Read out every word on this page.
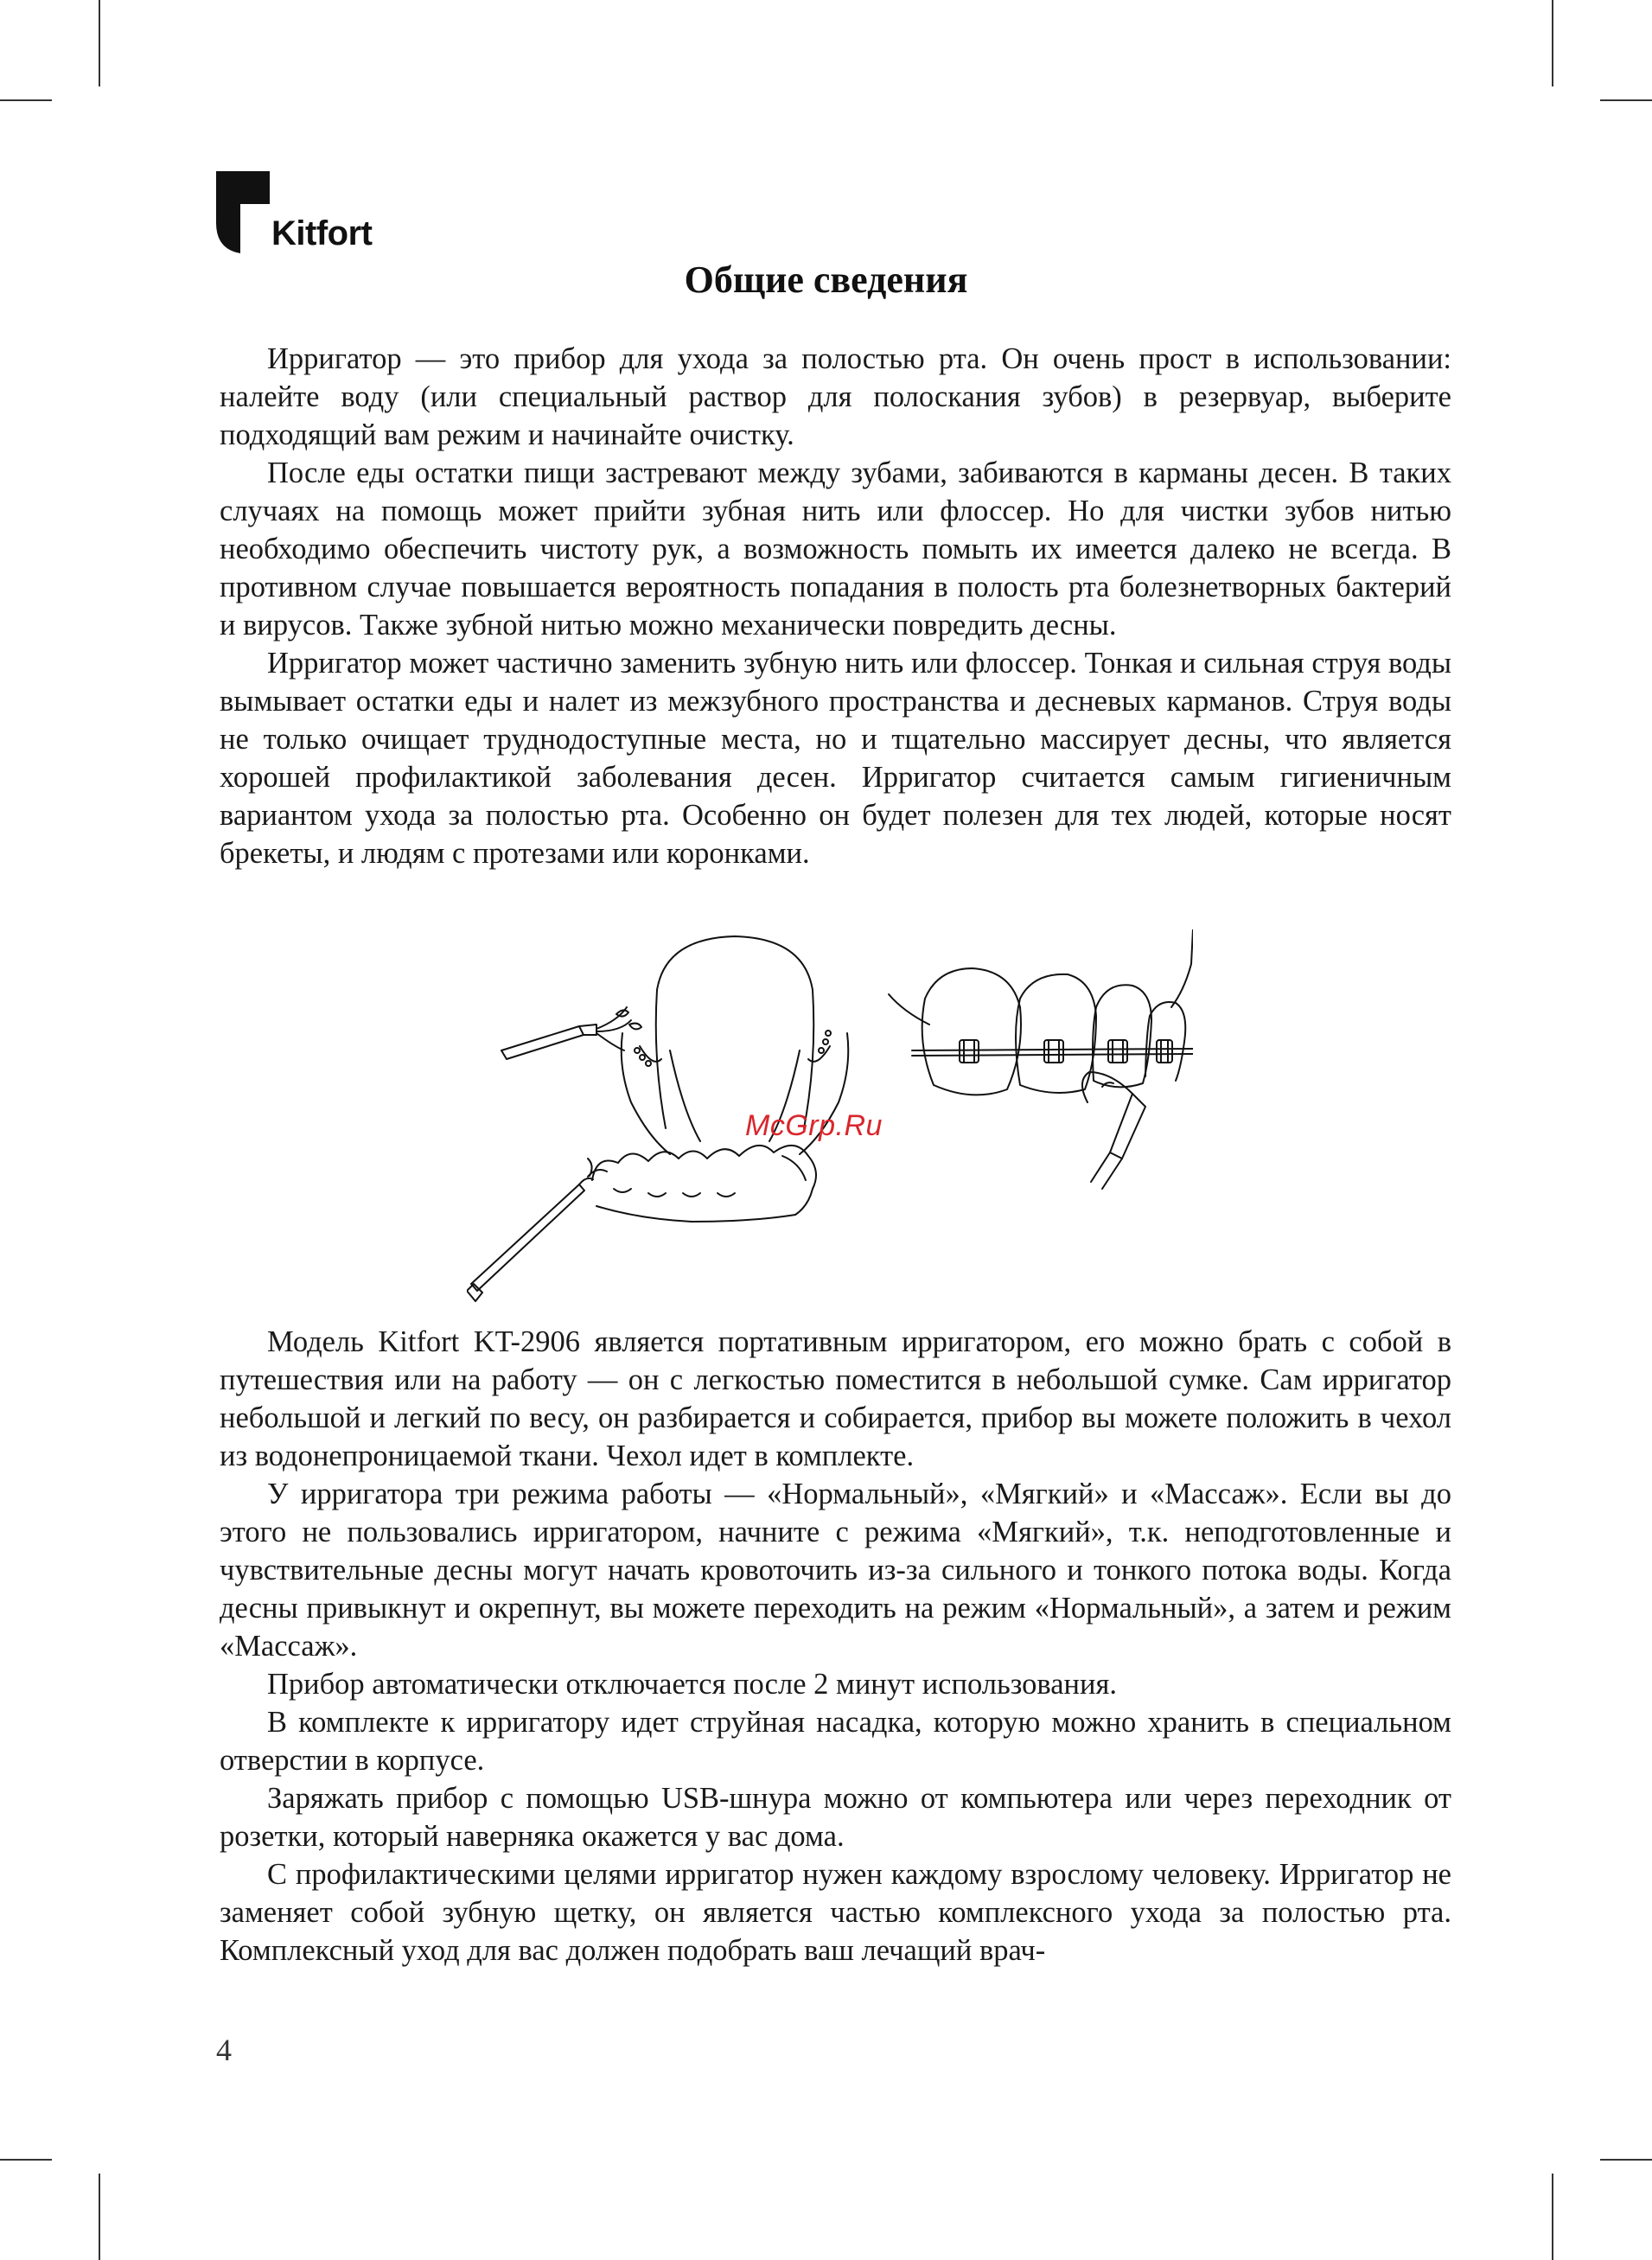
Kitfort
Общие сведения

Ирригатор — это прибор для ухода за полостью рта. Он очень прост в использовании: налейте воду (или специальный раствор для полоскания зубов) в резервуар, выберите подходящий вам режим и начинайте очистку.

После еды остатки пищи застревают между зубами, забиваются в карманы десен. В таких случаях на помощь может прийти зубная нить или флоссер. Но для чистки зубов нитью необходимо обеспечить чистоту рук, а возможность помыть их имеется далеко не всегда. В противном случае повышается вероятность попадания в полость рта болезнетворных бактерий и вирусов. Также зубной нитью можно механически повредить десны.

Ирригатор может частично заменить зубную нить или флоссер. Тонкая и сильная струя воды вымывает остатки еды и налет из межзубного пространства и десневых карманов. Струя воды не только очищает труднодоступные места, но и тщательно массирует десны, что является хорошей профилактикой заболевания десен. Ирригатор считается самым гигиеничным вариантом ухода за полостью рта. Особенно он будет полезен для тех людей, которые носят брекеты, и людям с протезами или коронками.

McGrp.Ru

Модель Kitfort KT-2906 является портативным ирригатором, его можно брать с собой в путешествия или на работу — он с легкостью поместится в небольшой сумке. Сам ирригатор небольшой и легкий по весу, он разбирается и собирается, прибор вы можете положить в чехол из водонепроницаемой ткани. Чехол идет в комплекте.

У ирригатора три режима работы — «Нормальный», «Мягкий» и «Массаж». Если вы до этого не пользовались ирригатором, начните с режима «Мягкий», т.к. неподготовленные и чувствительные десны могут начать кровоточить из-за сильного и тонкого потока воды. Когда десны привыкнут и окрепнут, вы можете переходить на режим «Нормальный», а затем и режим «Массаж».

Прибор автоматически отключается после 2 минут использования.

В комплекте к ирригатору идет струйная насадка, которую можно хранить в специальном отверстии в корпусе.

Заряжать прибор с помощью USB-шнура можно от компьютера или через переходник от розетки, который наверняка окажется у вас дома.

С профилактическими целями ирригатор нужен каждому взрослому человеку. Ирригатор не заменяет собой зубную щетку, он является частью комплексного ухода за полостью рта. Комплексный уход для вас должен подобрать ваш лечащий врач-

4
